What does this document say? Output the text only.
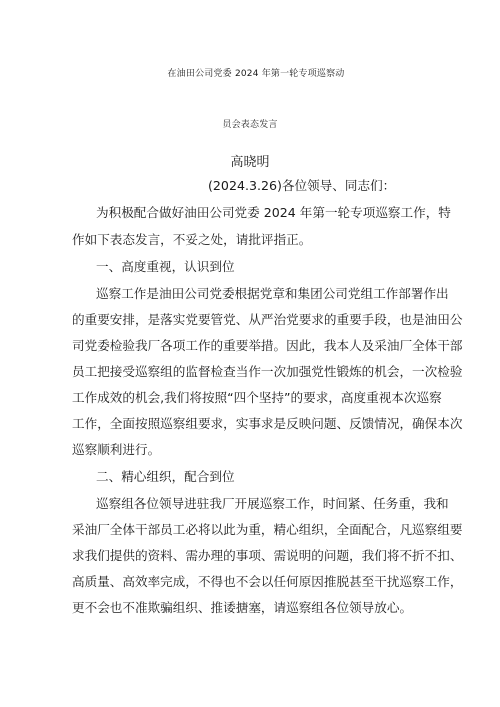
在油田公司党委 2024 年第一轮专项巡察动
员会表态发言
高晓明
(2024.3.26)各位领导、同志们：
为积极配合做好油田公司党委 2024 年第一轮专项巡察工作，特
作如下表态发言，不妥之处，请批评指正。
一、高度重视，认识到位
巡察工作是油田公司党委根据党章和集团公司党组工作部署作出
的重要安排，是落实党要管党、从严治党要求的重要手段，也是油田公
司党委检验我厂各项工作的重要举措。因此，我本人及采油厂全体干部
员工把接受巡察组的监督检查当作一次加强党性锻炼的机会，一次检验
工作成效的机会,我们将按照“四个坚持”的要求，高度重视本次巡察
工作，全面按照巡察组要求，实事求是反映问题、反馈情况，确保本次
巡察顺利进行。
二、精心组织，配合到位
巡察组各位领导进驻我厂开展巡察工作，时间紧、任务重，我和
采油厂全体干部员工必将以此为重，精心组织，全面配合，凡巡察组要
求我们提供的资料、需办理的事项、需说明的问题，我们将不折不扣、
高质量、高效率完成，不得也不会以任何原因推脱甚至干扰巡察工作，
更不会也不准欺骗组织、推诿搪塞，请巡察组各位领导放心。
